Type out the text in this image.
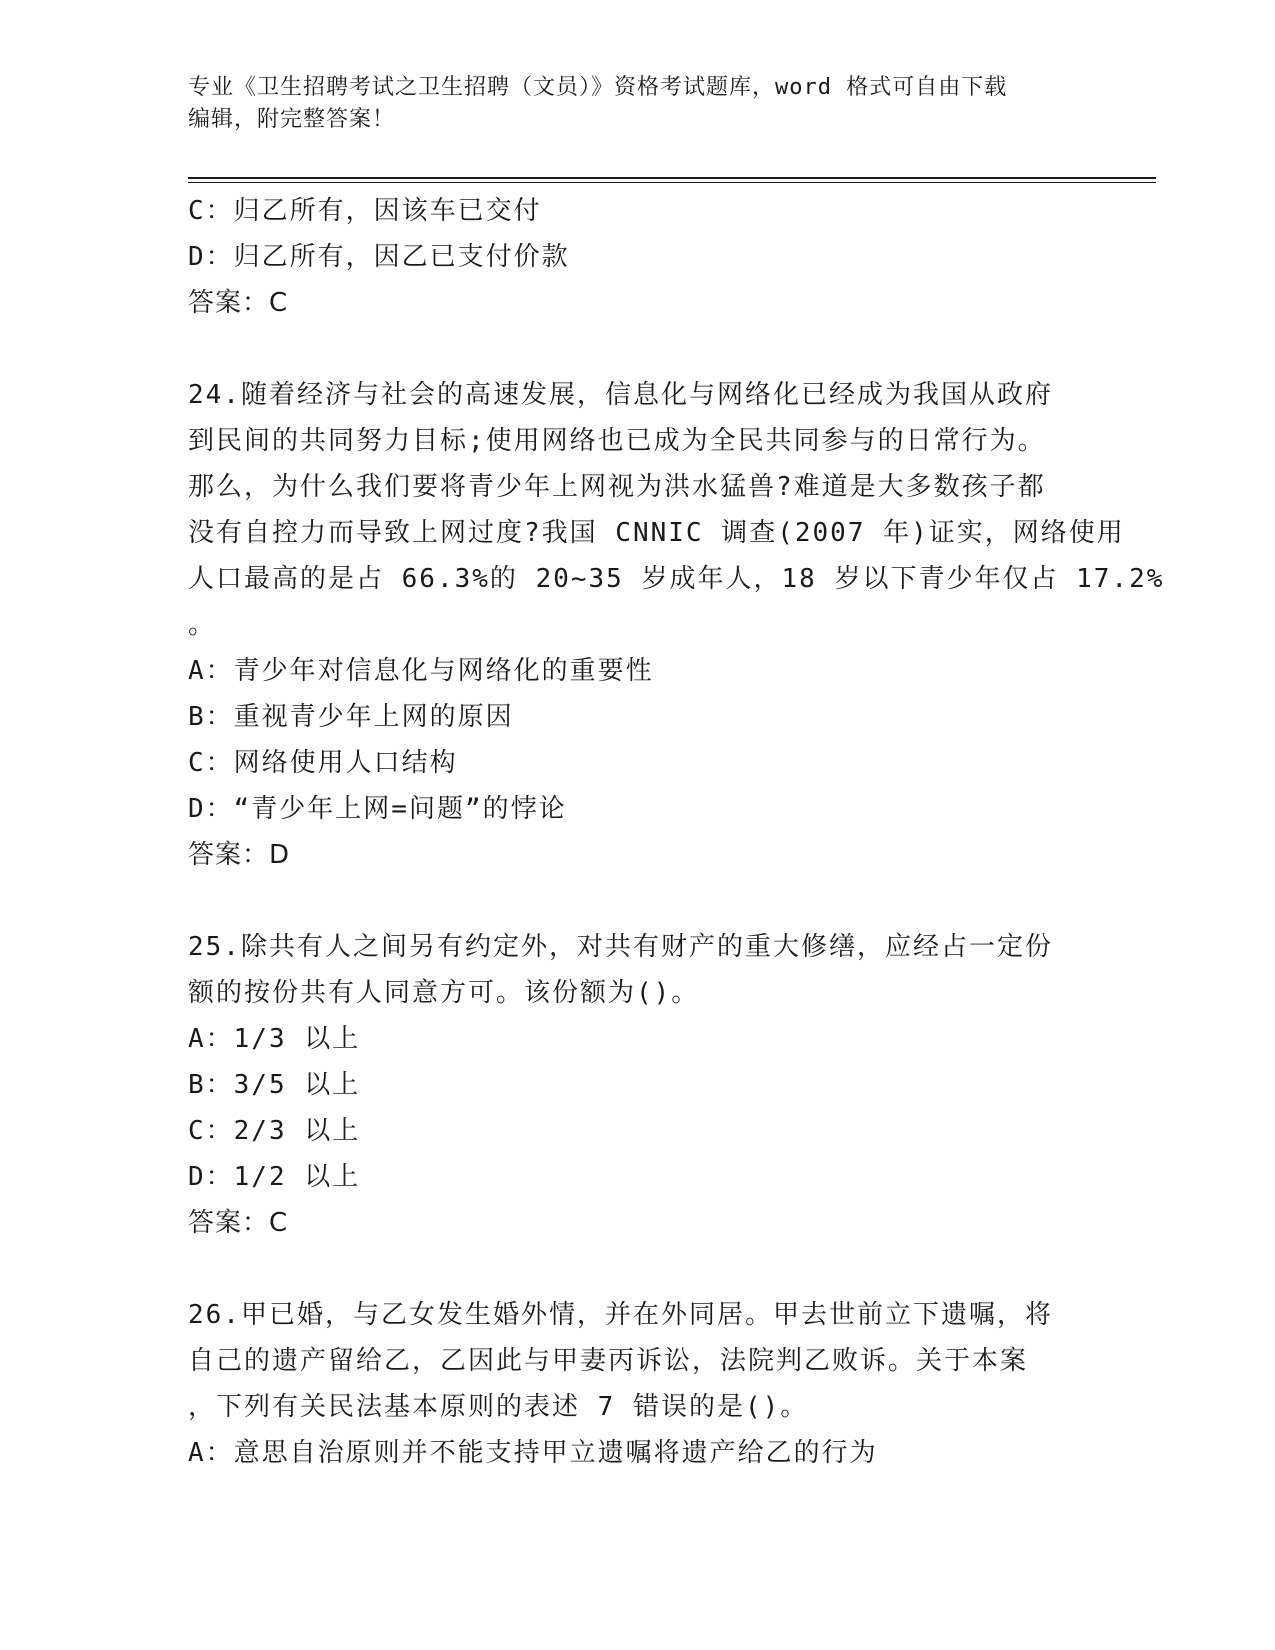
专业《卫生招聘考试之卫生招聘（文员）》资格考试题库，word 格式可自由下载
编辑，附完整答案！
C：归乙所有，因该车已交付
D：归乙所有，因乙已支付价款
答案：C
24.随着经济与社会的高速发展，信息化与网络化已经成为我国从政府
到民间的共同努力目标;使用网络也已成为全民共同参与的日常行为。
那么，为什么我们要将青少年上网视为洪水猛兽?难道是大多数孩子都
没有自控力而导致上网过度?我国 CNNIC 调查(2007 年)证实，网络使用
人口最高的是占 66.3%的 20~35 岁成年人，18 岁以下青少年仅占 17.2%
。
A：青少年对信息化与网络化的重要性
B：重视青少年上网的原因
C：网络使用人口结构
D：“青少年上网=问题”的悖论
答案：D
25.除共有人之间另有约定外，对共有财产的重大修缮，应经占一定份
额的按份共有人同意方可。该份额为()。
A：1/3 以上
B：3/5 以上
C：2/3 以上
D：1/2 以上
答案：C
26.甲已婚，与乙女发生婚外情，并在外同居。甲去世前立下遗嘱，将
自己的遗产留给乙，乙因此与甲妻丙诉讼，法院判乙败诉。关于本案
，下列有关民法基本原则的表述 7 错误的是()。
A：意思自治原则并不能支持甲立遗嘱将遗产给乙的行为
